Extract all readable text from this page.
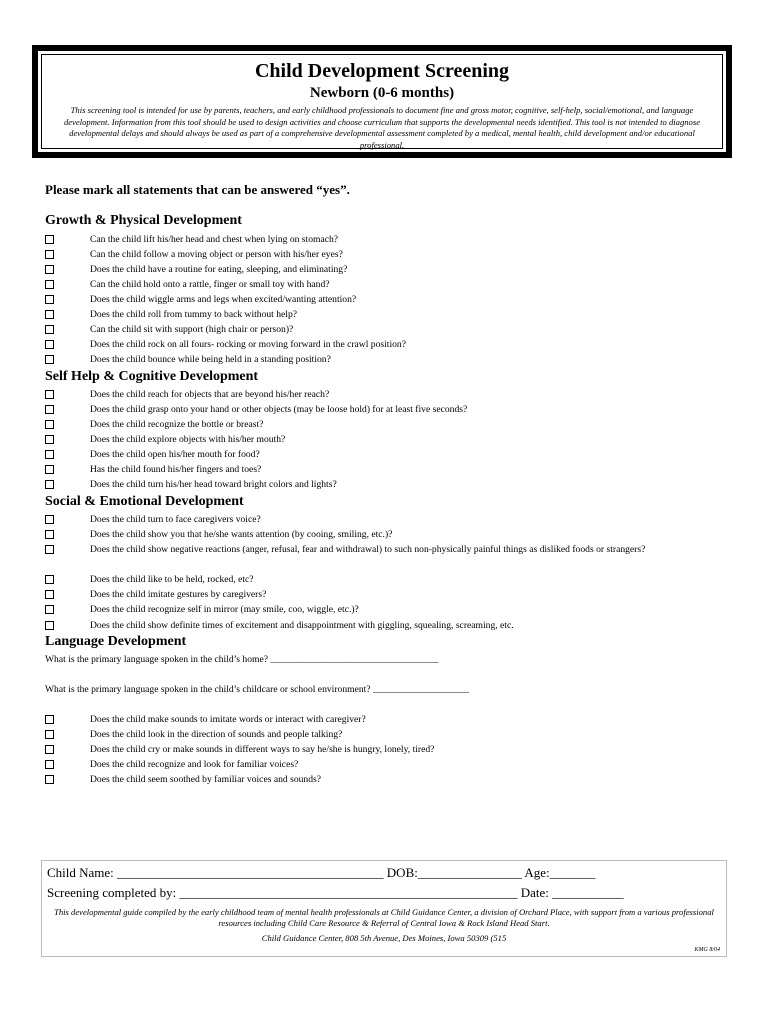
Child Development Screening
Newborn (0-6 months)
This screening tool is intended for use by parents, teachers, and early childhood professionals to document fine and gross motor, cognitive, self-help, social/emotional, and language development. Information from this tool should be used to design activities and choose curriculum that supports the developmental needs identified. This tool is not intended to diagnose developmental delays and should always be used as part of a comprehensive developmental assessment completed by a medical, mental health, child development and/or educational professional.
Please mark all statements that can be answered “yes”.
Growth & Physical Development
Can the child lift his/her head and chest when lying on stomach?
Can the child follow a moving object or person with his/her eyes?
Does the child have a routine for eating, sleeping, and eliminating?
Can the child hold onto a rattle, finger or small toy with hand?
Does the child wiggle arms and legs when excited/wanting attention?
Does the child roll from tummy to back without help?
Can the child sit with support (high chair or person)?
Does the child rock on all fours- rocking or moving forward in the crawl position?
Does the child bounce while being held in a standing position?
Self Help & Cognitive Development
Does the child reach for objects that are beyond his/her reach?
Does the child grasp onto your hand or other objects (may be loose hold) for at least five seconds?
Does the child recognize the bottle or breast?
Does the child explore objects with his/her mouth?
Does the child open his/her mouth for food?
Has the child found his/her fingers and toes?
Does the child turn his/her head toward bright colors and lights?
Social & Emotional Development
Does the child turn to face caregivers voice?
Does the child show you that he/she wants attention (by cooing, smiling, etc.)?
Does the child show negative reactions (anger, refusal, fear and withdrawal) to such non-physically painful things as disliked foods or strangers?
Does the child like to be held, rocked, etc?
Does the child imitate gestures by caregivers?
Does the child recognize self in mirror (may smile, coo, wiggle, etc.)?
Does the child show definite times of excitement and disappointment with giggling, squealing, screaming, etc.
Language Development
What is the primary language spoken in the child’s home? ___________________________________
What is the primary language spoken in the child’s childcare or school environment? ____________________
Does the child make sounds to imitate words or interact with caregiver?
Does the child look in the direction of sounds and people talking?
Does the child cry or make sounds in different ways to say he/she is hungry, lonely, tired?
Does the child recognize and look for familiar voices?
Does the child seem soothed by familiar voices and sounds?
Child Name: _________________________________________ DOB:________________ Age:_______
Screening completed by: ____________________________________________________ Date: ___________
This developmental guide compiled by the early childhood team of mental health professionals at Child Guidance Center, a division of Orchard Place, with support from a various professional resources including Child Care Resource & Referral of Central Iowa & Rock Island Head Start.
Child Guidance Center, 808 5th Avenue, Des Moines, Iowa 50309 (515
KMG 8/04
